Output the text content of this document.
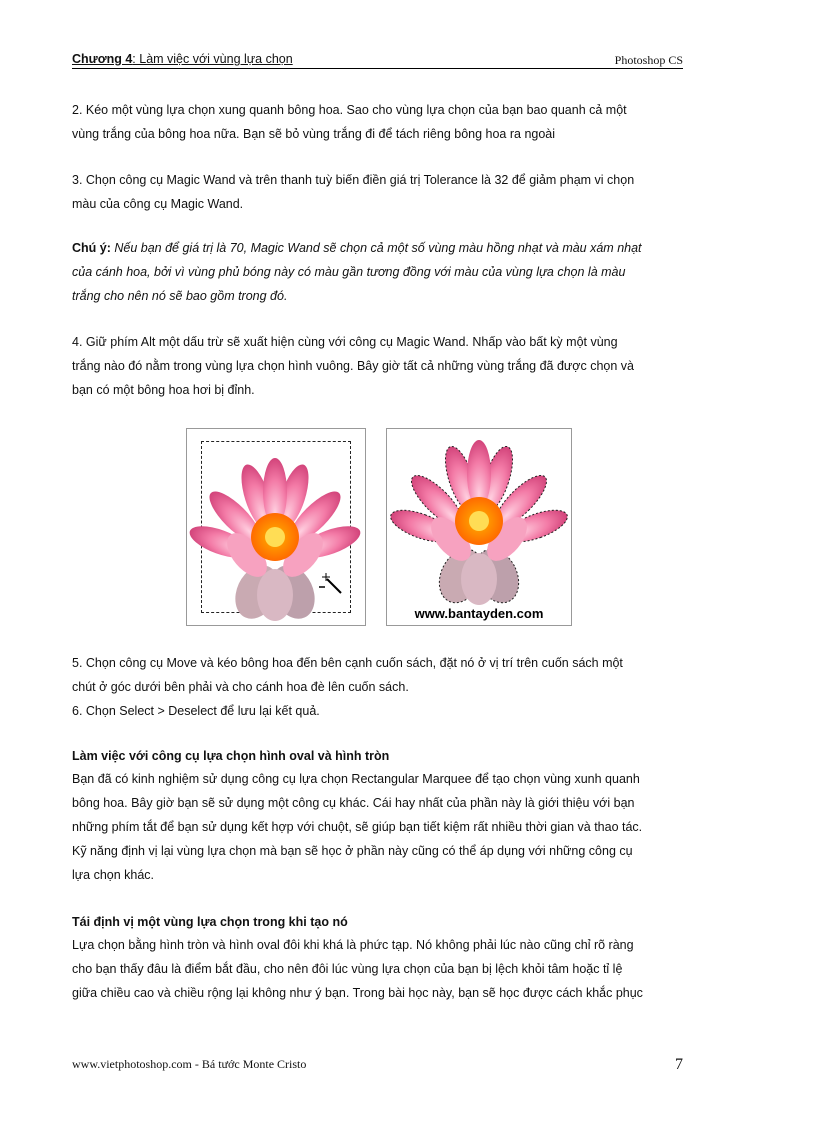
Chương 4: Làm việc với vùng lựa chọn	Photoshop CS
2. Kéo một vùng lựa chọn xung quanh bông hoa. Sao cho vùng lựa chọn của bạn bao quanh cả một
vùng trắng của bông hoa nữa. Bạn sẽ bỏ vùng trắng đi để tách riêng bông hoa ra ngoài
3. Chọn công cụ Magic Wand và trên thanh tuỳ biến điền giá trị Tolerance là 32 để giảm phạm vi chọn
màu của công cụ Magic Wand.
Chú ý: Nếu bạn để giá trị là 70, Magic Wand sẽ chọn cả một số vùng màu hồng nhạt và màu xám nhạt
của cánh hoa, bởi vì vùng phủ bóng này có màu gần tương đồng với màu của vùng lựa chọn là màu
trắng cho nên nó sẽ bao gồm trong đó.
4. Giữ phím Alt một dấu trừ sẽ xuất hiện cùng với công cụ Magic Wand. Nhấp vào bất kỳ một vùng
trắng nào đó nằm trong vùng lựa chọn hình vuông. Bây giờ tất cả những vùng trắng đã được chọn và
bạn có một bông hoa hơi bị đỉnh.
www.bantayden.com
5. Chọn công cụ Move và kéo bông hoa đến bên cạnh cuốn sách, đặt nó ở vị trí trên cuốn sách một
chút ở góc dưới bên phải và cho cánh hoa đè lên cuốn sách.
6. Chọn Select > Deselect để lưu lại kết quả.
Làm việc với công cụ lựa chọn hình oval và hình tròn
Bạn đã có kinh nghiệm sử dụng công cụ lựa chọn Rectangular Marquee để tạo chọn vùng xunh quanh
bông hoa. Bây giờ bạn sẽ sử dụng một công cụ khác. Cái hay nhất của phần này là giới thiệu với bạn
những phím tắt để bạn sử dụng kết hợp với chuột, sẽ giúp bạn tiết kiệm rất nhiều thời gian và thao tác.
Kỹ năng định vị lại vùng lựa chọn mà bạn sẽ học ở phần này cũng có thể áp dụng với những công cụ
lựa chọn khác.
Tái định vị một vùng lựa chọn trong khi tạo nó
Lựa chọn bằng hình tròn và hình oval đôi khi khá là phức tạp. Nó không phải lúc nào cũng chỉ rõ ràng
cho bạn thấy đâu là điểm bắt đầu, cho nên đôi lúc vùng lựa chọn của bạn bị lệch khỏi tâm hoặc tỉ lệ
giữa chiều cao và chiều rộng lại không như ý bạn. Trong bài học này, bạn sẽ học được cách khắc phục
www.vietphotoshop.com - Bá tước Monte Cristo	7
